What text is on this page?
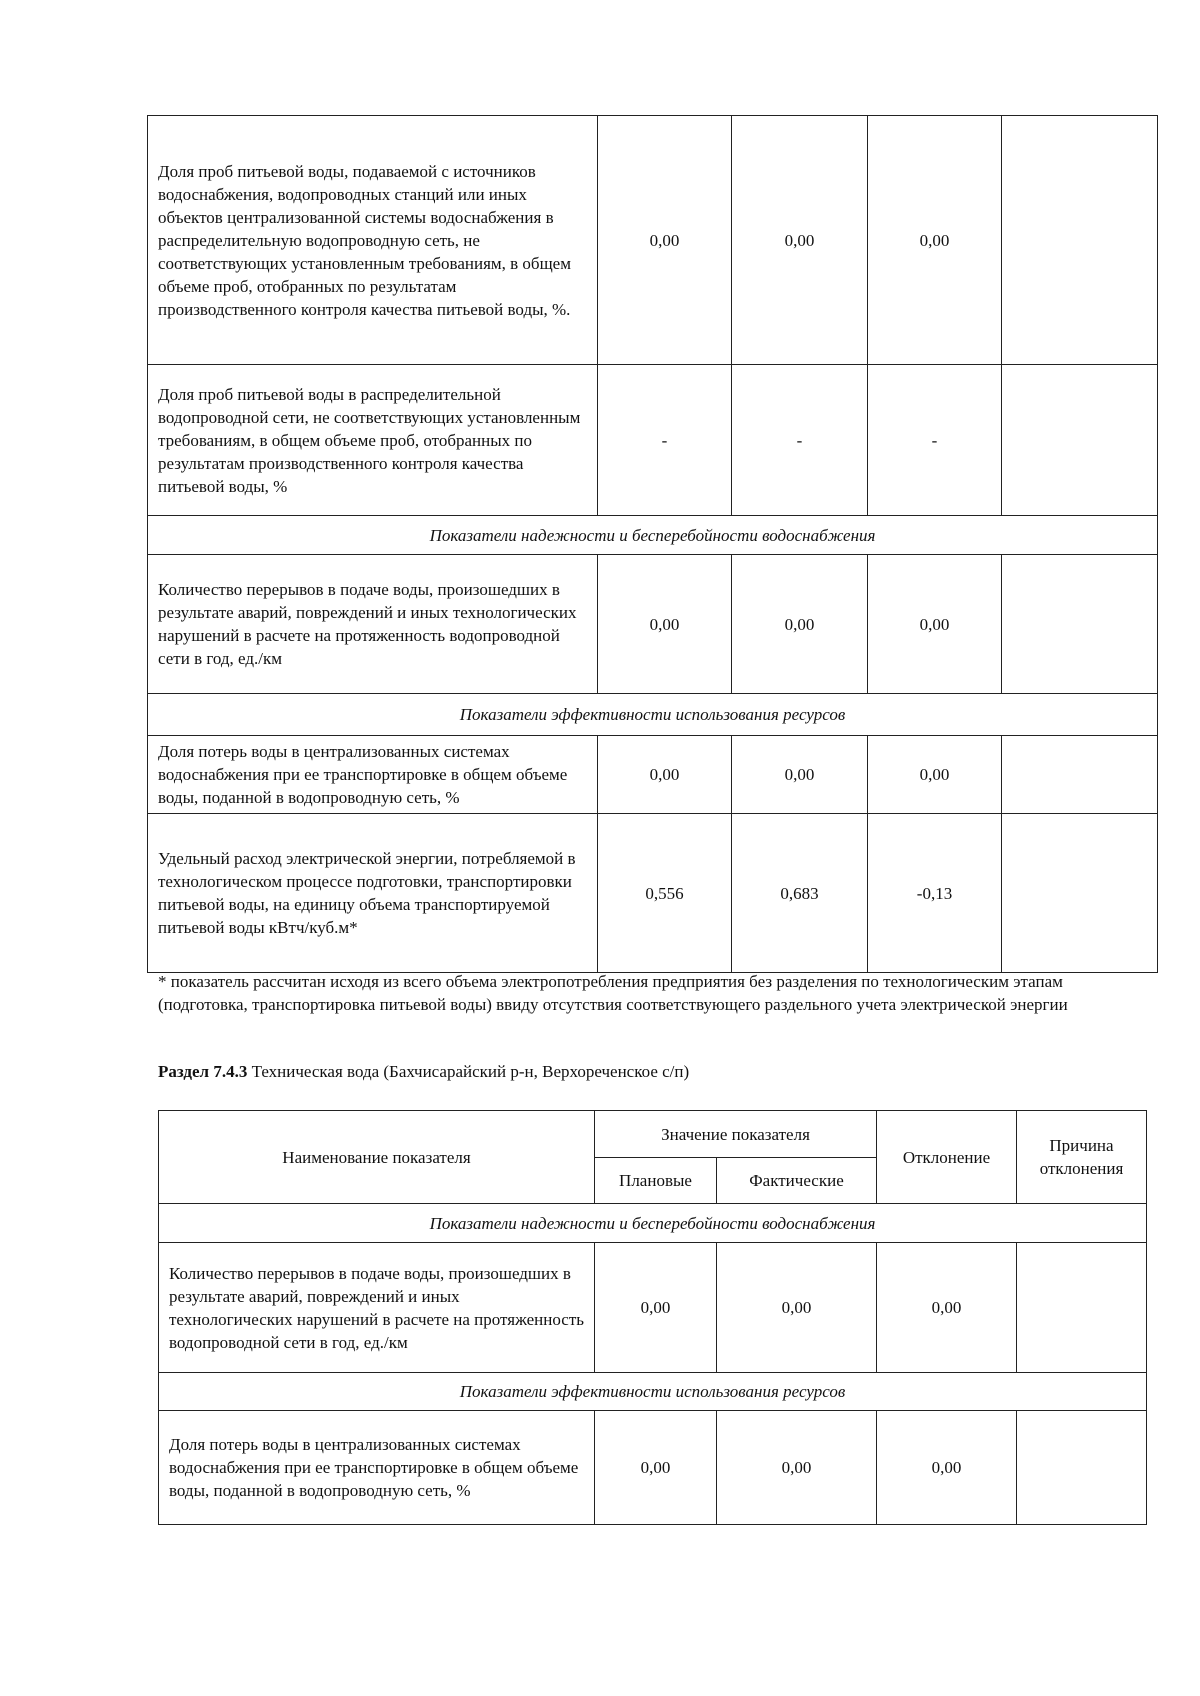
Доля проб питьевой воды, подаваемой с источников водоснабжения, водопроводных станций или иных объектов централизованной системы водоснабжения в распределительную водопроводную сеть, не соответствующих установленным требованиям, в общем объеме проб, отобранных по результатам производственного контроля качества питьевой воды, %.	0,00	0,00	0,00	
Доля проб питьевой воды в распределительной водопроводной сети, не соответствующих установленным требованиям, в общем объеме проб, отобранных по результатам производственного контроля качества питьевой воды, %	-	-	-	
Показатели надежности и бесперебойности водоснабжения				
Количество перерывов в подаче воды, произошедших в результате аварий, повреждений и иных технологических нарушений в расчете на протяженность водопроводной сети в год, ед./км	0,00	0,00	0,00	
Показатели эффективности использования ресурсов				
Доля потерь воды в централизованных системах водоснабжения при ее транспортировке в общем объеме воды, поданной в водопроводную сеть, %	0,00	0,00	0,00	
Удельный расход электрической энергии, потребляемой в технологическом процессе подготовки, транспортировки питьевой воды, на единицу объема транспортируемой питьевой воды кВтч/куб.м*	0,556	0,683	-0,13	
* показатель рассчитан исходя из всего объема электропотребления предприятия без разделения по технологическим этапам (подготовка, транспортировка питьевой воды) ввиду отсутствия соответствующего раздельного учета электрической энергии
Раздел 7.4.3 Техническая вода (Бахчисарайский р-н, Верхореченское с/п)
Наименование показателя	Значение показателя		Отклонение	Причина отклонения
	Плановые	Фактические		
Показатели надежности и бесперебойности водоснабжения				
Количество перерывов в подаче воды, произошедших в результате аварий, повреждений и иных технологических нарушений в расчете на протяженность водопроводной сети в год, ед./км	0,00	0,00	0,00	
Показатели эффективности использования ресурсов				
Доля потерь воды в централизованных системах водоснабжения при ее транспортировке в общем объеме воды, поданной в водопроводную сеть, %	0,00	0,00	0,00	
